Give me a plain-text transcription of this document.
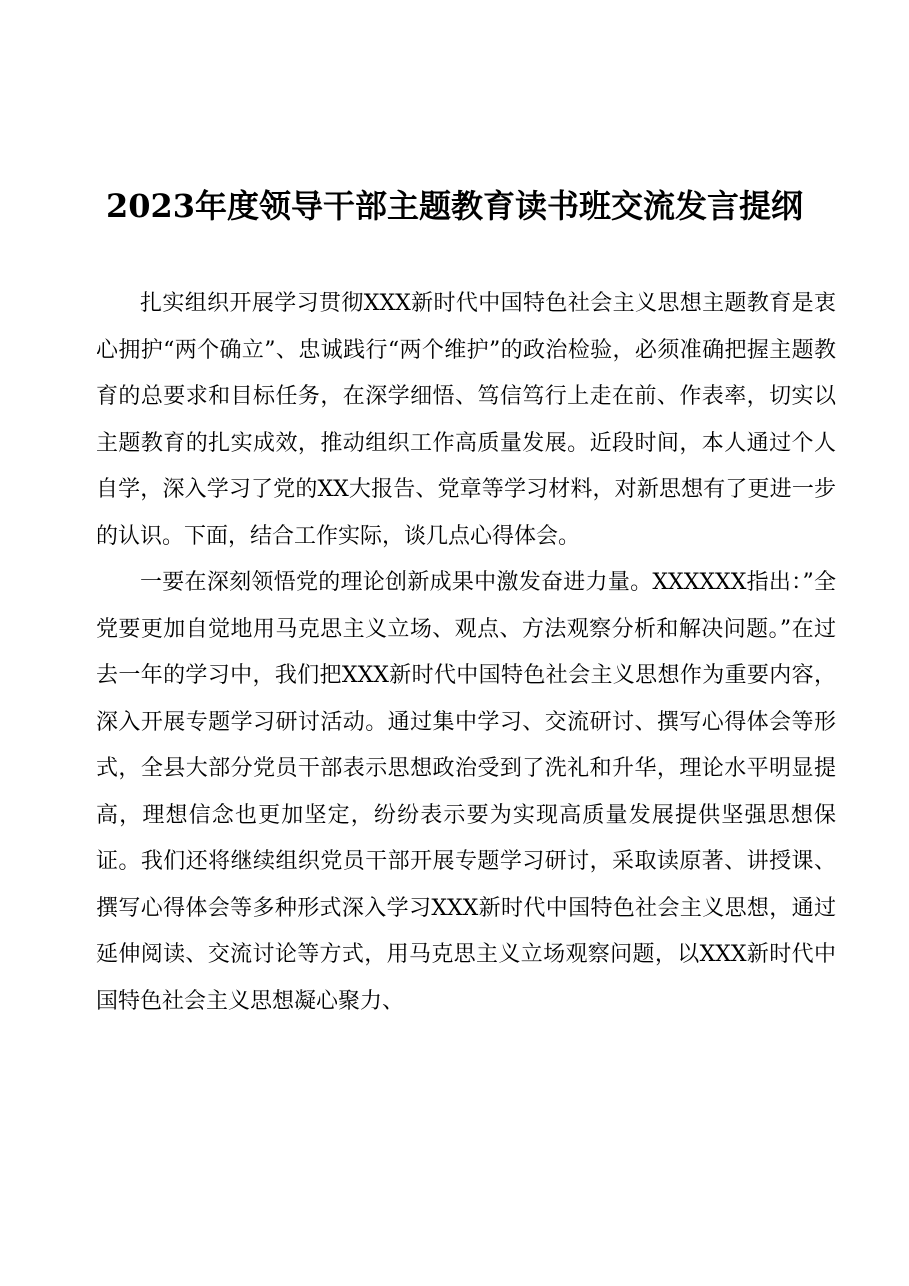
2023年度领导干部主题教育读书班交流发言提纲

扎实组织开展学习贯彻XXX新时代中国特色社会主义思想主题教育是衷心拥护“两个确立”、忠诚践行“两个维护”的政治检验，必须准确把握主题教育的总要求和目标任务，在深学细悟、笃信笃行上走在前、作表率，切实以主题教育的扎实成效，推动组织工作高质量发展。近段时间，本人通过个人自学，深入学习了党的XX大报告、党章等学习材料，对新思想有了更进一步的认识。下面，结合工作实际，谈几点心得体会。

一要在深刻领悟党的理论创新成果中激发奋进力量。XXXXXX指出：”全党要更加自觉地用马克思主义立场、观点、方法观察分析和解决问题。”在过去一年的学习中，我们把XXX新时代中国特色社会主义思想作为重要内容，深入开展专题学习研讨活动。通过集中学习、交流研讨、撰写心得体会等形式，全县大部分党员干部表示思想政治受到了洗礼和升华，理论水平明显提高，理想信念也更加坚定，纷纷表示要为实现高质量发展提供坚强思想保证。我们还将继续组织党员干部开展专题学习研讨，采取读原著、讲授课、撰写心得体会等多种形式深入学习XXX新时代中国特色社会主义思想，通过延伸阅读、交流讨论等方式，用马克思主义立场观察问题，以XXX新时代中国特色社会主义思想凝心聚力、
